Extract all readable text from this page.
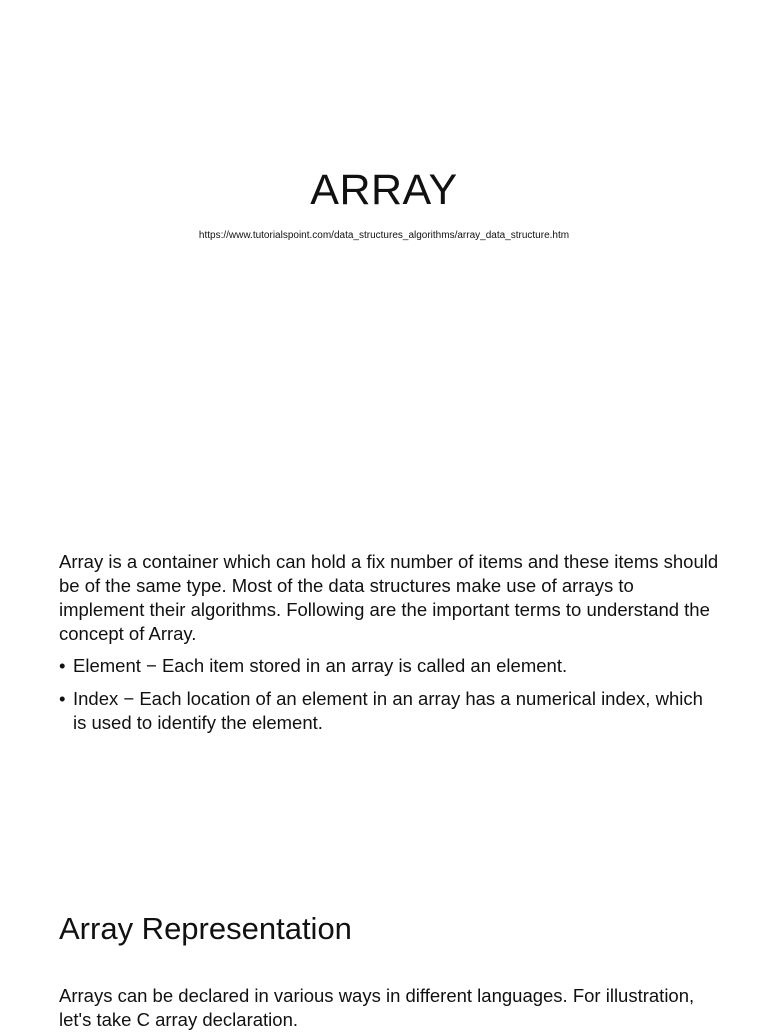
ARRAY

https://www.tutorialspoint.com/data_structures_algorithms/array_data_structure.htm

Array is a container which can hold a fix number of items and these items should be of the same type. Most of the data structures make use of arrays to implement their algorithms. Following are the important terms to understand the concept of Array.

• Element − Each item stored in an array is called an element.
• Index − Each location of an element in an array has a numerical index, which is used to identify the element.
Array Representation

Arrays can be declared in various ways in different languages. For illustration, let's take C array declaration.
